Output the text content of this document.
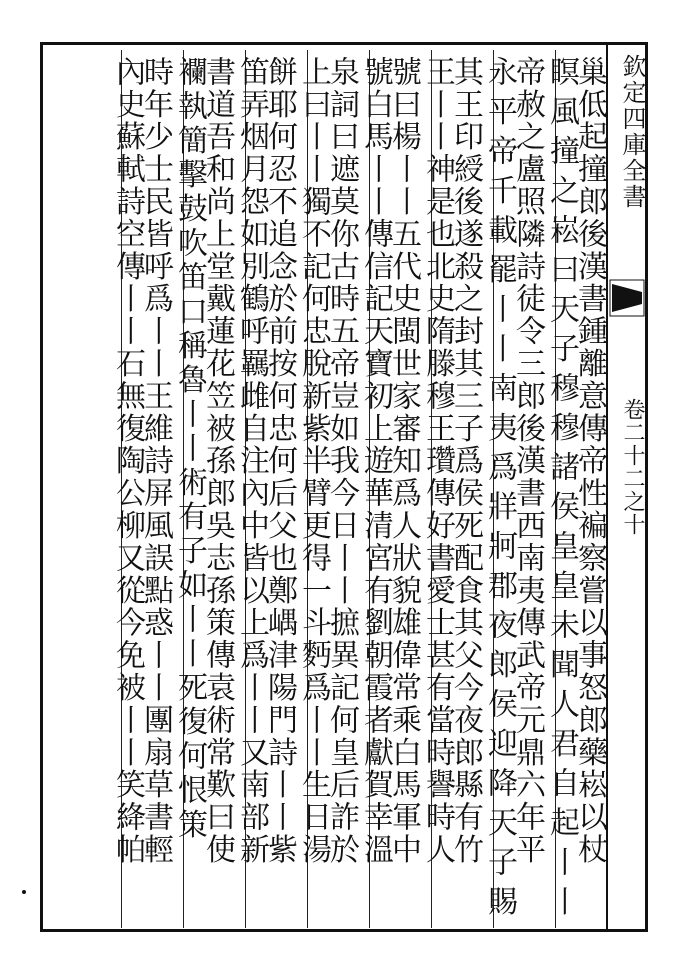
欽定四庫全書
卷二十二之十
巢低起撞郎後漢書鍾離意傳帝性褊察嘗以事怒郎藥崧以杖
瞑風撞之崧曰天子穆穆諸侯皇皇未聞人君自起丨丨
帝赦之盧照隣詩徒令三郎後漢書西南夷傳武帝元鼎六年平
永平帝千載罷丨丨南夷爲牂牁郡夜郎侯迎降天子賜
其王印綬後遂殺之封其三子爲侯死配食其父今夜郎縣有竹
王丨丨神是也北史隋滕穆王瓚傳好書愛士甚有當時譽時人
號曰楊丨丨五代史閩世家審知爲人狀貌雄偉常乘白馬軍中
號白馬丨丨傳信記天寶初上遊華清宮有劉朝霞者獻賀幸溫
泉詞曰遮莫你古時五帝豈如我今日丨丨摭異記何皇后詐於
上曰丨丨獨不記何忠脫新紫半臂更得一斗麪爲丨丨生日湯
餅耶何忍不追念於前按何忠何后父也鄭嵎津陽門詩丨丨紫
笛弄烟月怨如別鶴呼羈雌自注內中皆以上爲丨丨又南部新
書道吾和尚上堂戴蓮花笠被孫郎吳志孫策傳袁術常歎曰使
襴執簡擊鼓吹笛口稱魯丨丨術有子如丨丨死復何恨策
時年少士民皆呼爲丨丨王維詩屏風誤點惑丨丨團扇草書輕
內史蘇軾詩空傳丨丨石無復陶公柳又從今免被丨丨笑絳帕
